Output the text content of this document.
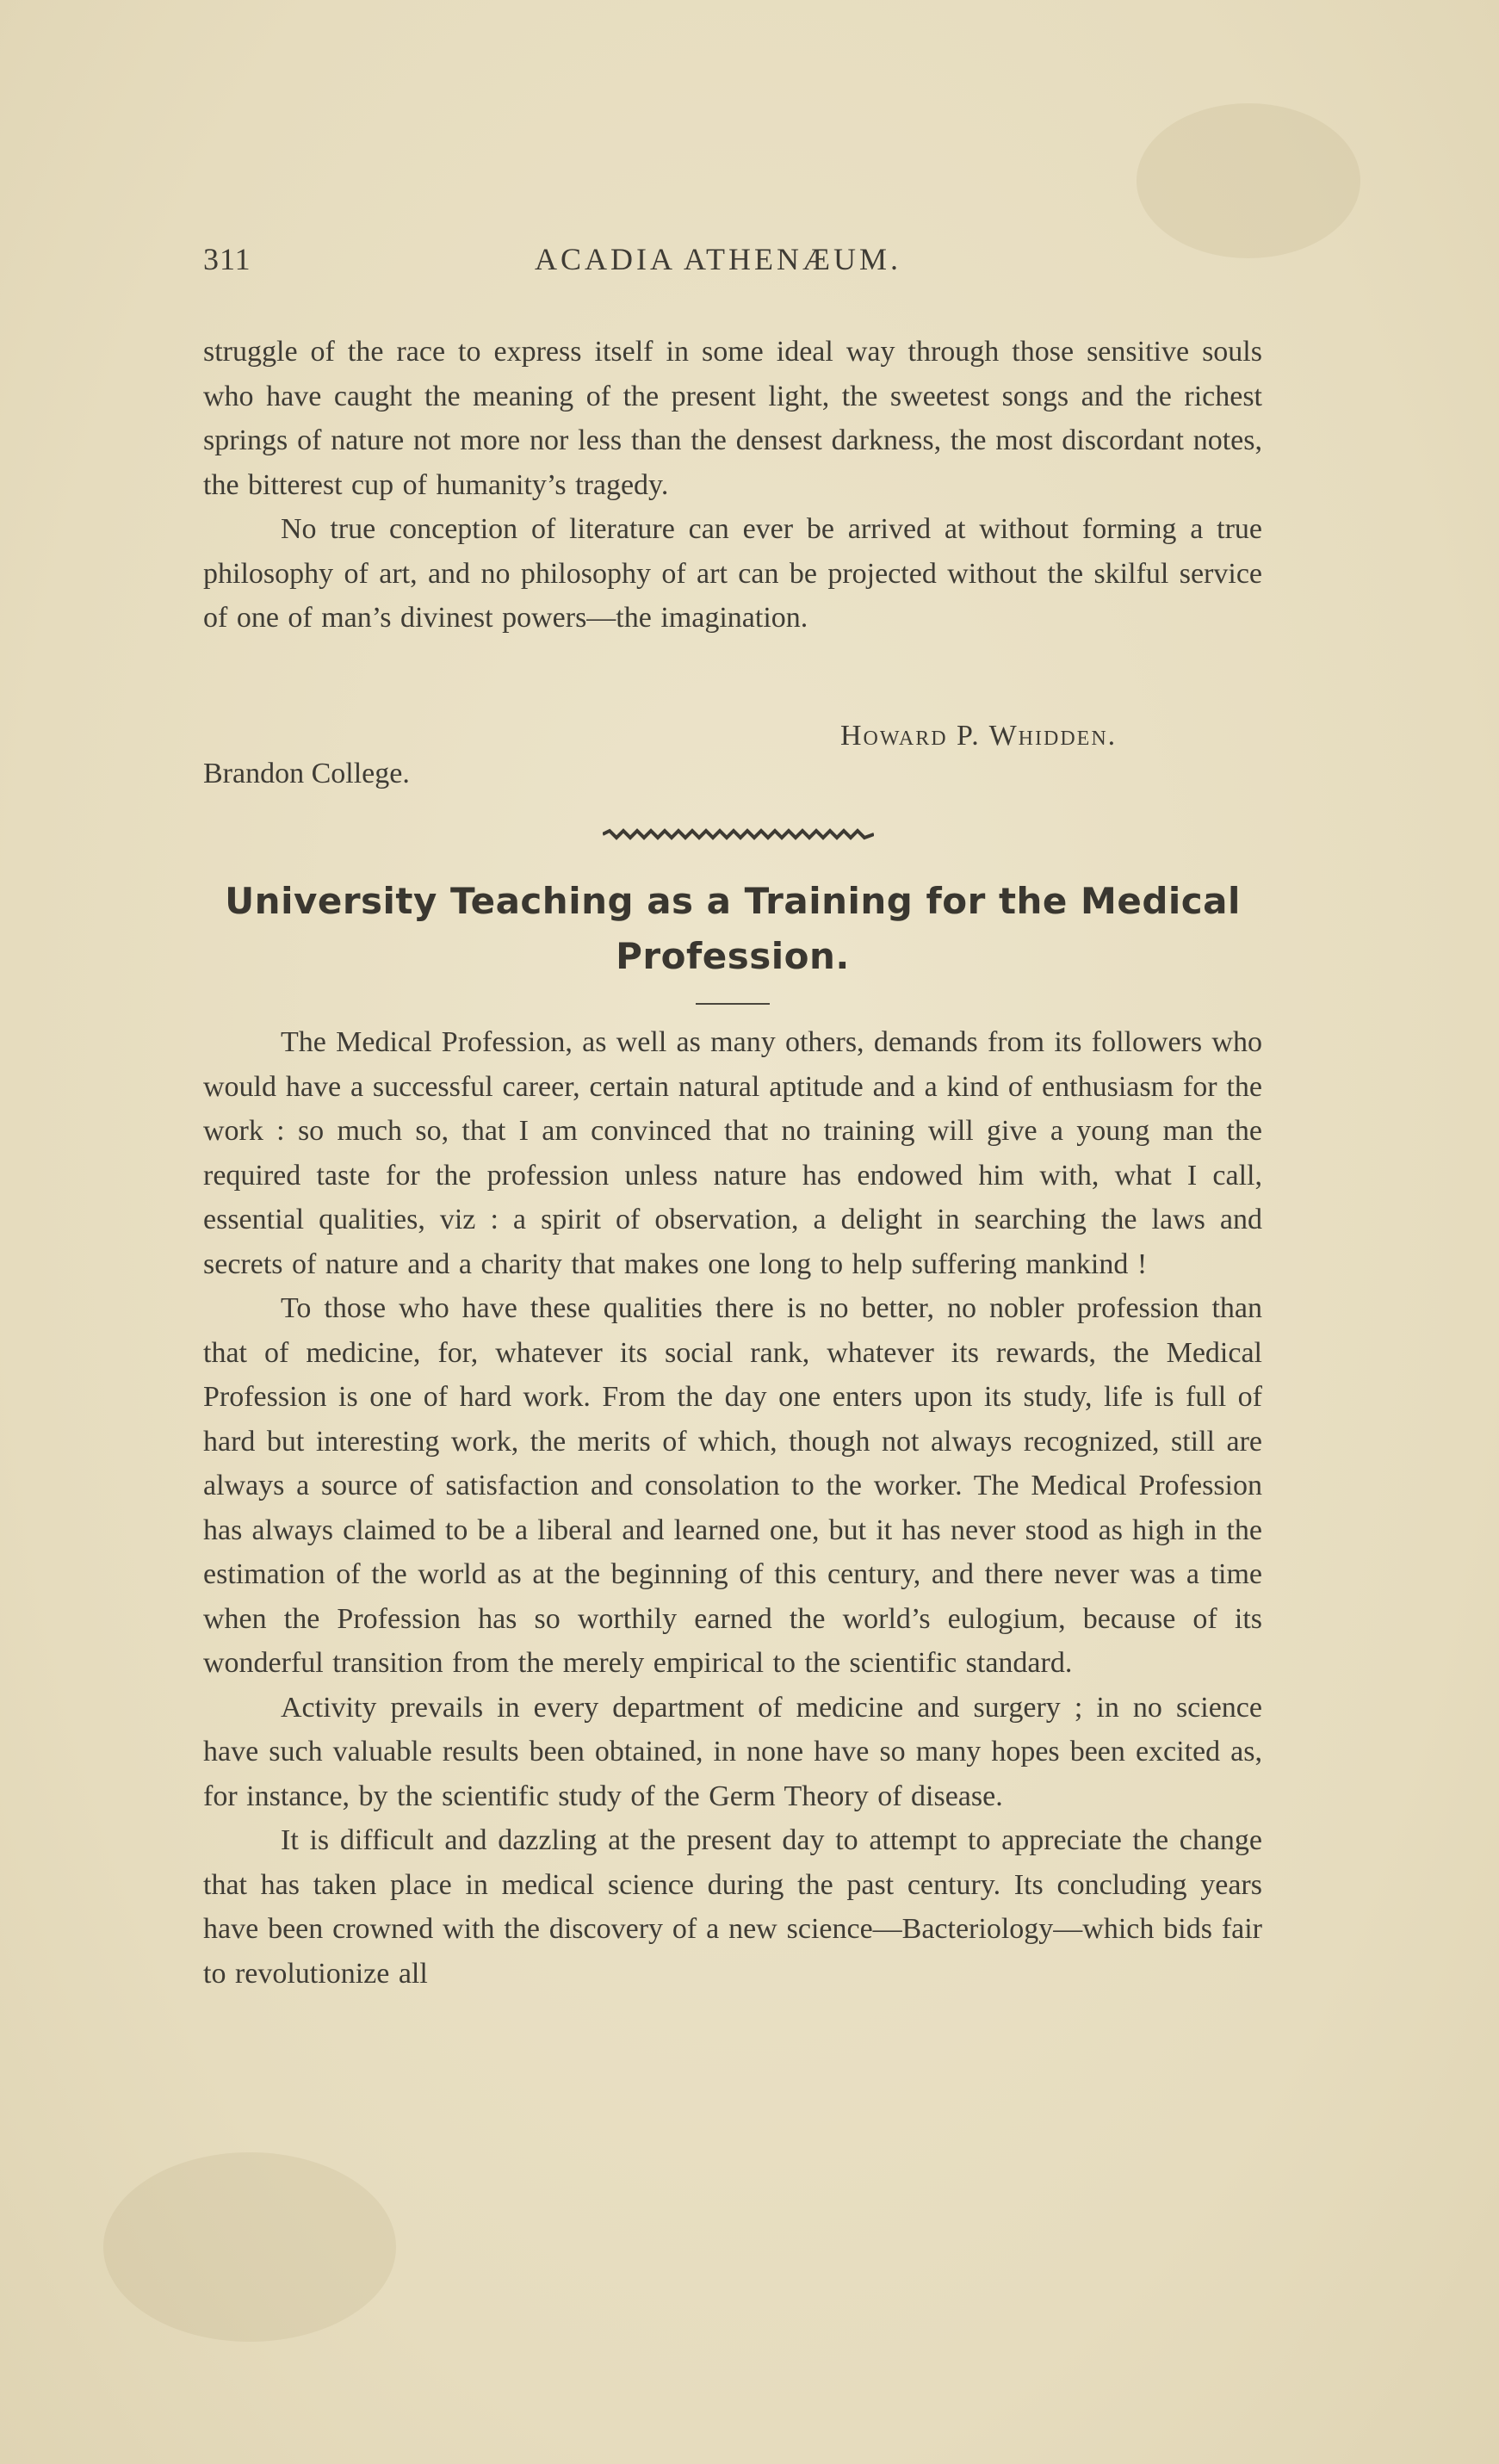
311	ACADIA ATHENÆUM.

struggle of the race to express itself in some ideal way through those sensitive souls who have caught the meaning of the present light, the sweetest songs and the richest springs of nature not more nor less than the densest darkness, the most discordant notes, the bitterest cup of humanity’s tragedy.

No true conception of literature can ever be arrived at without forming a true philosophy of art, and no philosophy of art can be projected without the skilful service of one of man’s divinest powers—the imagination.

Howard P. Whidden.
Brandon College.
University Teaching as a Training for the Medical Profession.

The Medical Profession, as well as many others, demands from its followers who would have a successful career, certain natural aptitude and a kind of enthusiasm for the work : so much so, that I am convinced that no training will give a young man the required taste for the profession unless nature has endowed him with, what I call, essential qualities, viz : a spirit of observation, a delight in searching the laws and secrets of nature and a charity that makes one long to help suffering mankind !

To those who have these qualities there is no better, no nobler profession than that of medicine, for, whatever its social rank, whatever its rewards, the Medical Profession is one of hard work. From the day one enters upon its study, life is full of hard but interesting work, the merits of which, though not always recognized, still are always a source of satisfaction and consolation to the worker. The Medical Profession has always claimed to be a liberal and learned one, but it has never stood as high in the estimation of the world as at the beginning of this century, and there never was a time when the Profession has so worthily earned the world’s eulogium, because of its wonderful transition from the merely empirical to the scientific standard.

Activity prevails in every department of medicine and surgery ; in no science have such valuable results been obtained, in none have so many hopes been excited as, for instance, by the scientific study of the Germ Theory of disease.

It is difficult and dazzling at the present day to attempt to appreciate the change that has taken place in medical science during the past century. Its concluding years have been crowned with the discovery of a new science—Bacteriology—which bids fair to revolutionize all
